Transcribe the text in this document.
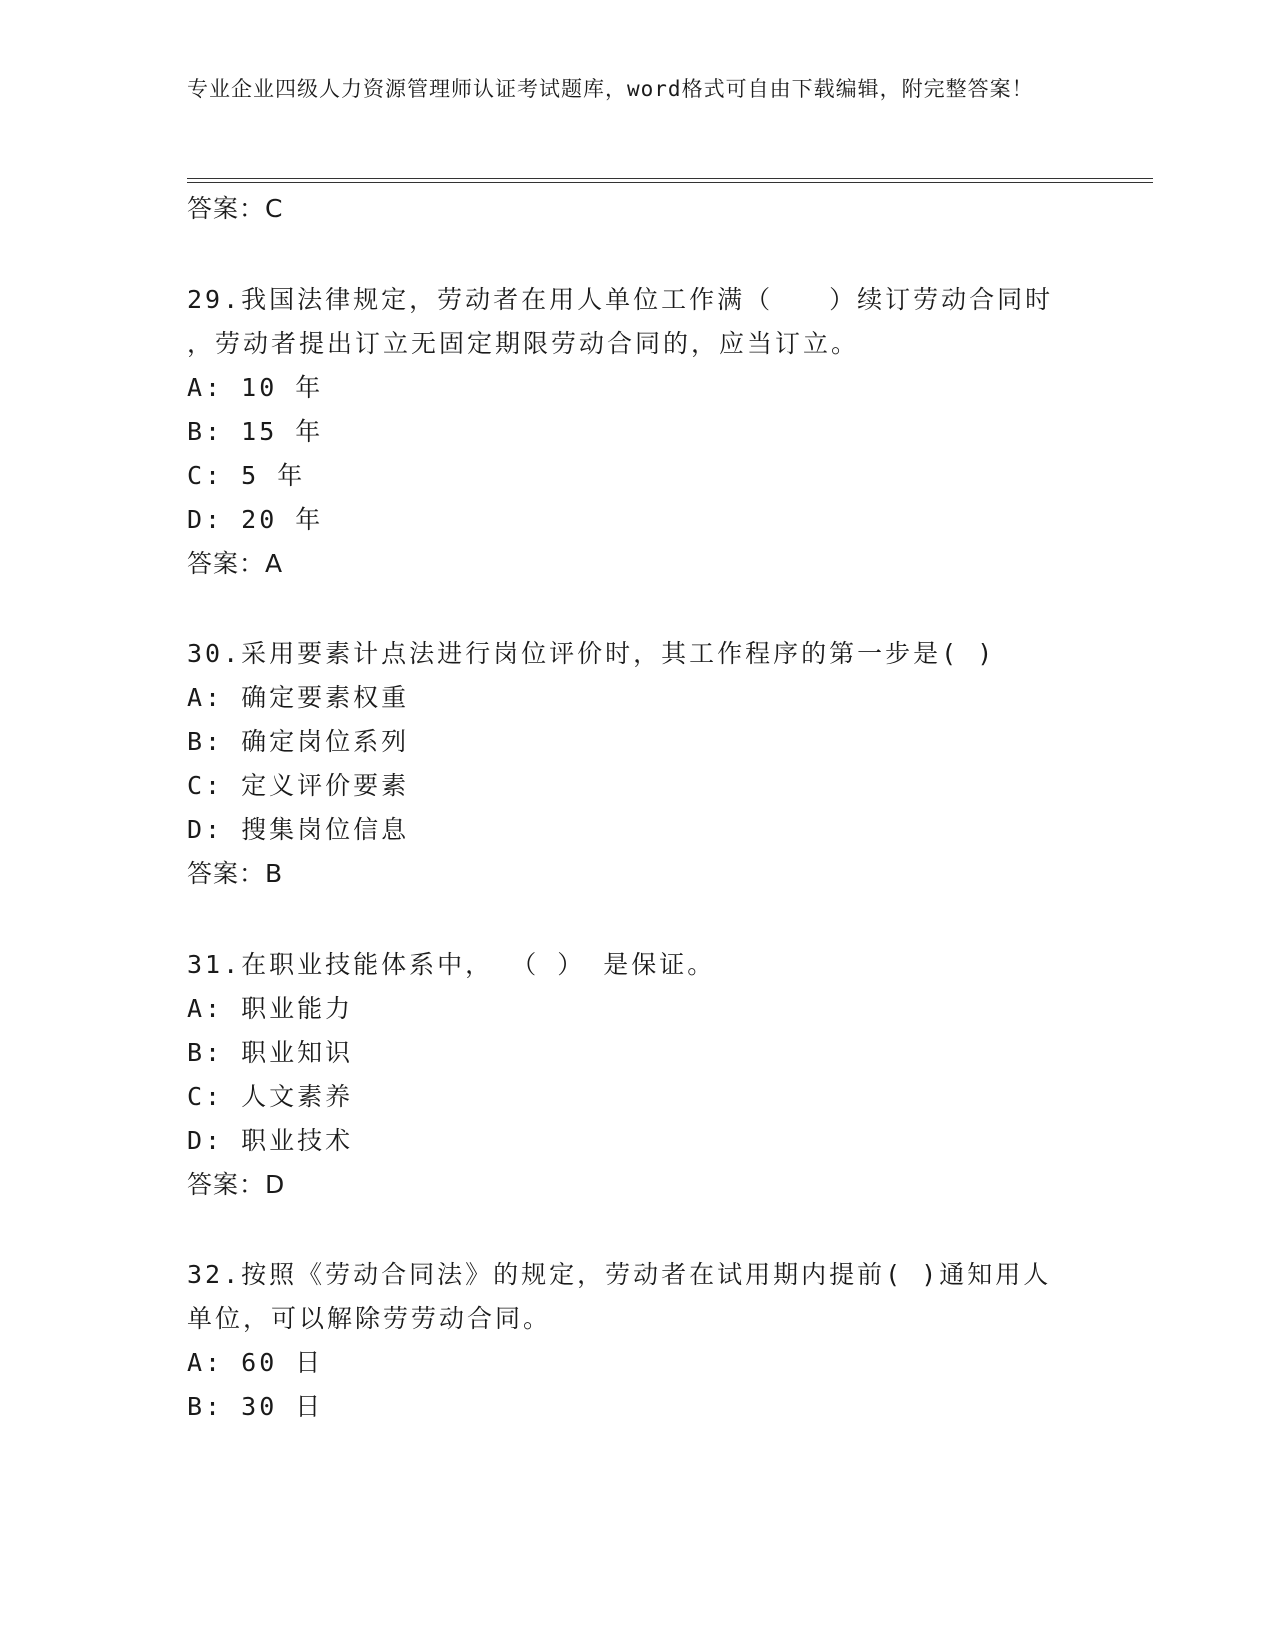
专业企业四级人力资源管理师认证考试题库，word格式可自由下载编辑，附完整答案！
答案：C
29.我国法律规定，劳动者在用人单位工作满（　　）续订劳动合同时
，劳动者提出订立无固定期限劳动合同的，应当订立。
A: 10 年
B: 15 年
C: 5 年
D: 20 年
答案：A
30.采用要素计点法进行岗位评价时，其工作程序的第一步是( )
A: 确定要素权重
B: 确定岗位系列
C: 定义评价要素
D: 搜集岗位信息
答案：B
31.在职业技能体系中， （ ） 是保证。
A: 职业能力
B: 职业知识
C: 人文素养
D: 职业技术
答案：D
32.按照《劳动合同法》的规定，劳动者在试用期内提前( )通知用人
单位，可以解除劳劳动合同。
A: 60 日
B: 30 日
